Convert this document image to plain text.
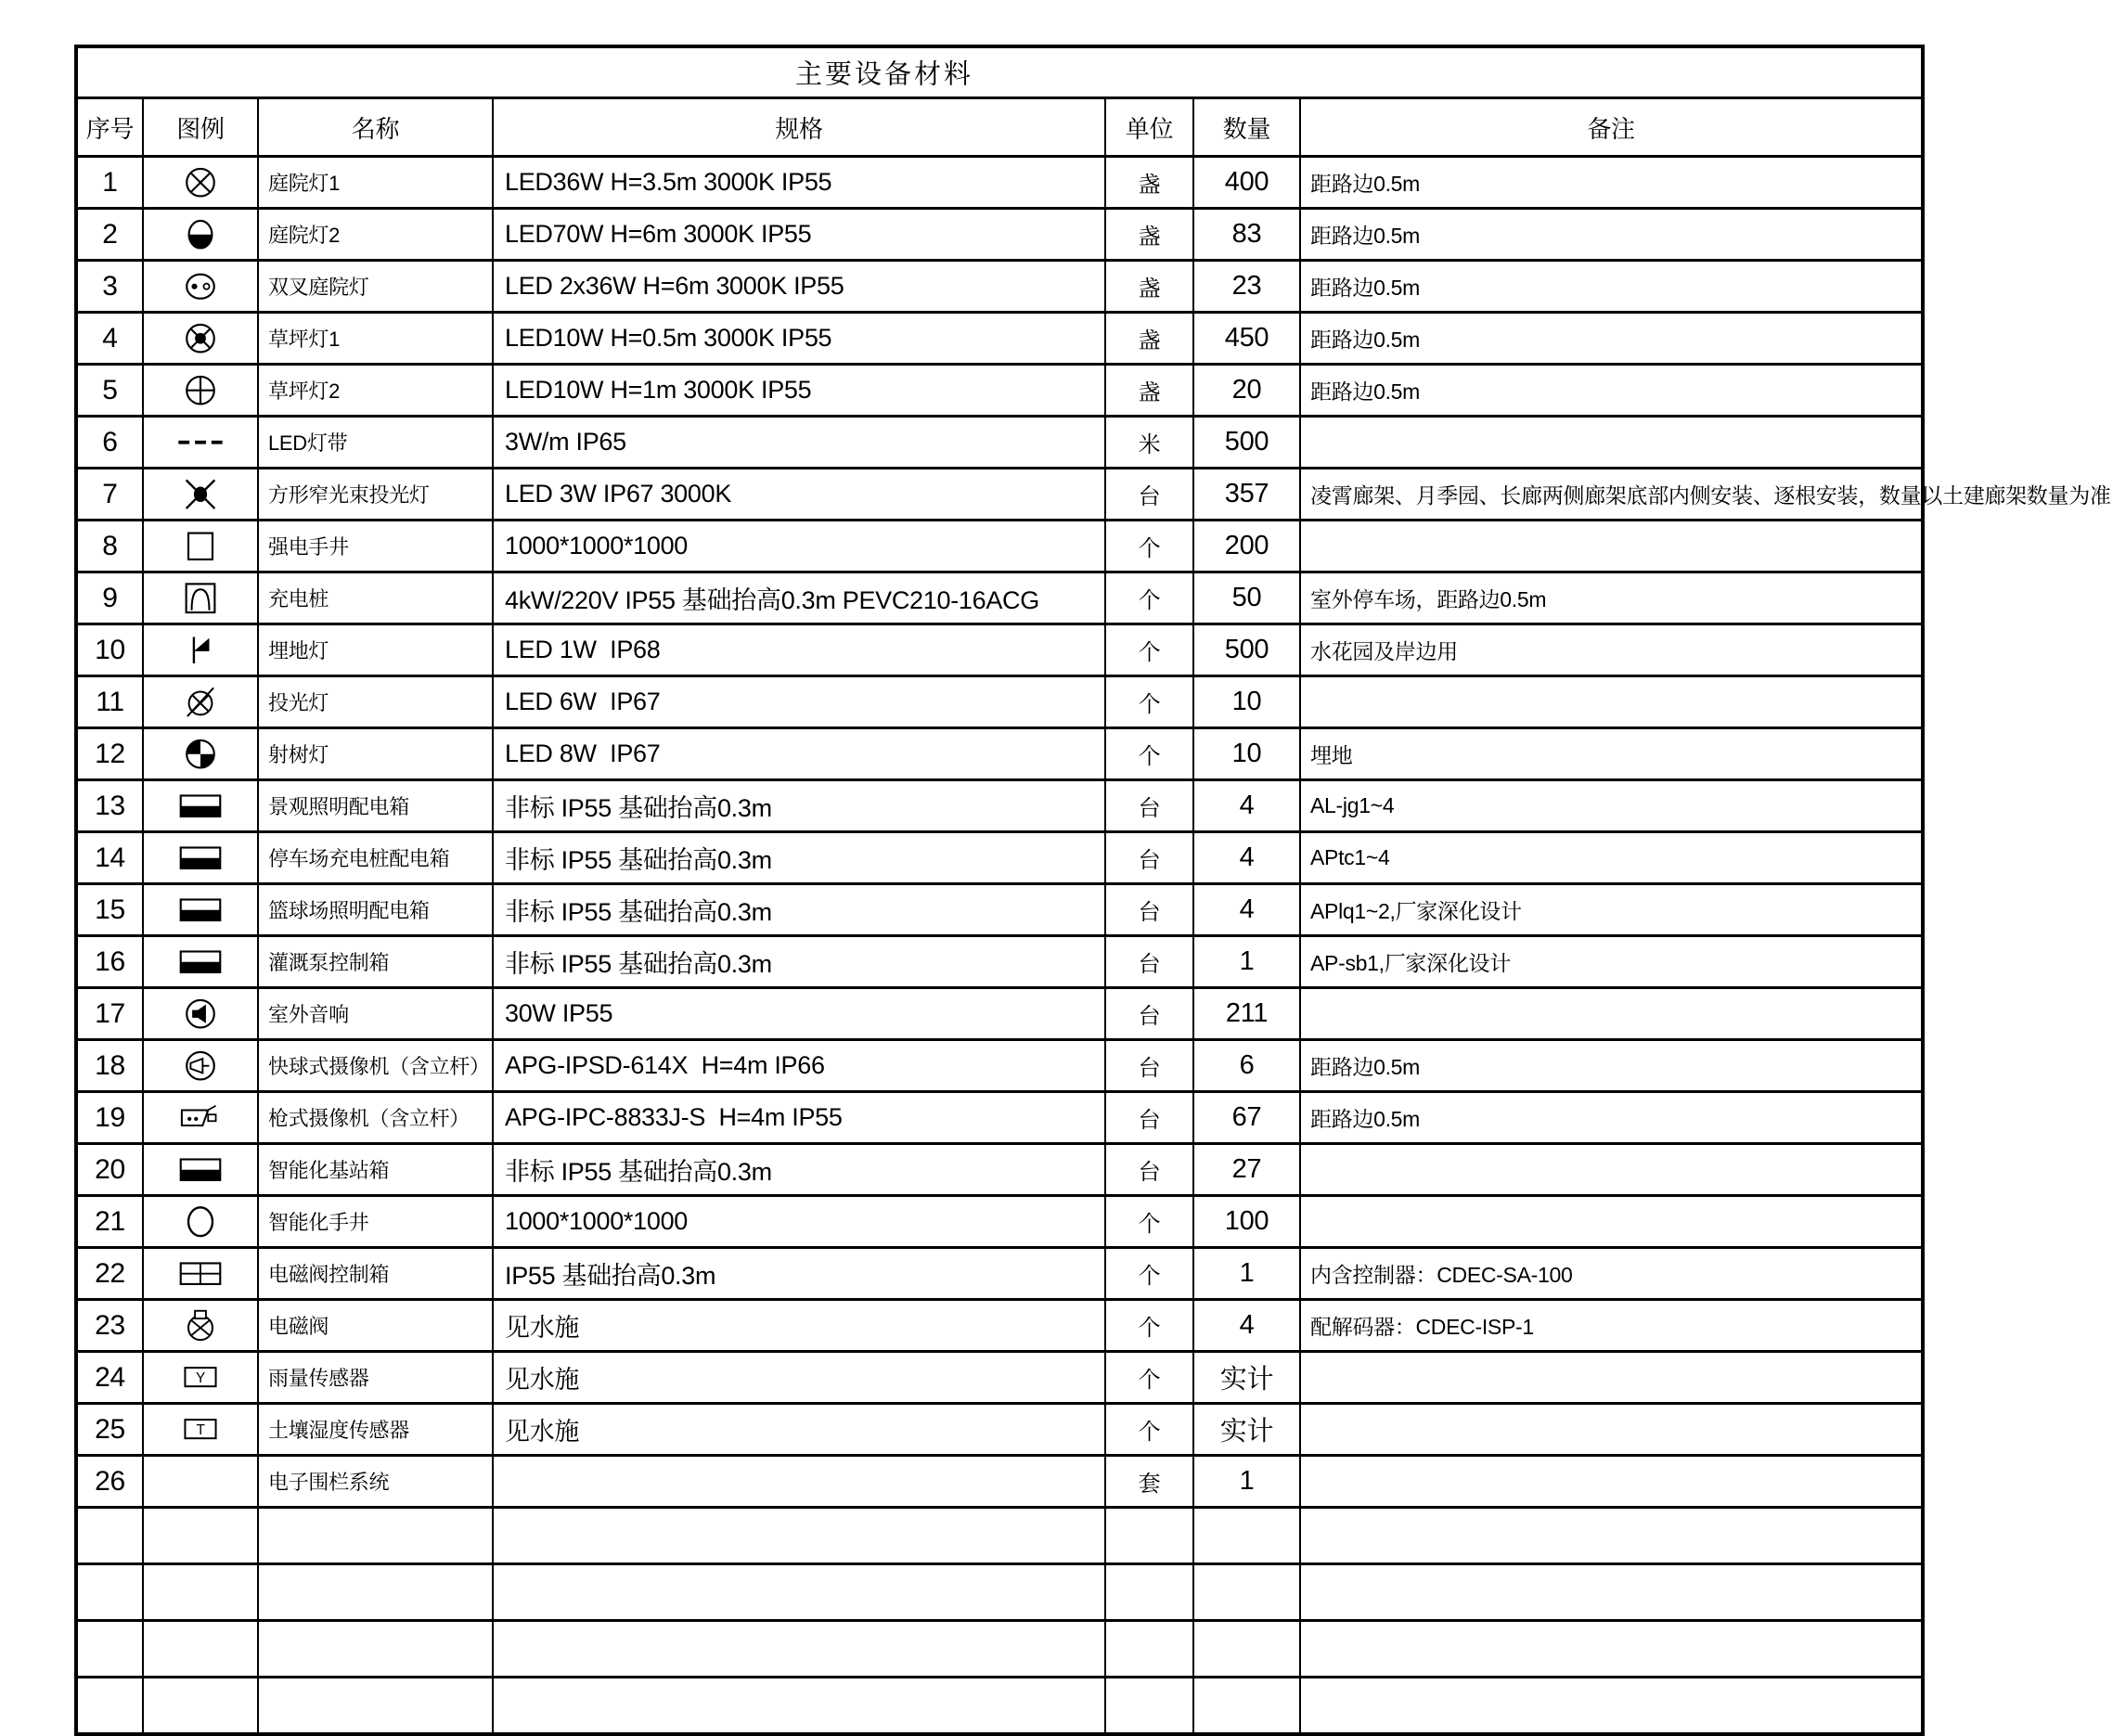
主要设备材料						

序号	图例	名称	规格	单位	数量	备注
1		庭院灯1	LED36W H=3.5m 3000K IP55	盏	400	距路边0.5m
2		庭院灯2	LED70W H=6m 3000K IP55	盏	83	距路边0.5m
3		双叉庭院灯	LED 2x36W H=6m 3000K IP55	盏	23	距路边0.5m
4		草坪灯1	LED10W H=0.5m 3000K IP55	盏	450	距路边0.5m
5		草坪灯2	LED10W H=1m 3000K IP55	盏	20	距路边0.5m
6		LED灯带	3W/m IP65	米	500	
7		方形窄光束投光灯	LED 3W IP67 3000K	台	357	凌霄廊架、月季园、长廊两侧廊架底部内侧安装、逐根安装，数量以土建廊架数量为准
8		强电手井	1000*1000*1000	个	200	
9		充电桩	4kW/220V IP55 基础抬高0.3m PEVC210-16ACG	个	50	室外停车场，距路边0.5m
10		埋地灯	LED 1W  IP68	个	500	水花园及岸边用
11		投光灯	LED 6W  IP67	个	10	
12		射树灯	LED 8W  IP67	个	10	埋地
13		景观照明配电箱	非标 IP55 基础抬高0.3m	台	4	AL-jg1~4
14		停车场充电桩配电箱	非标 IP55 基础抬高0.3m	台	4	APtc1~4
15		篮球场照明配电箱	非标 IP55 基础抬高0.3m	台	4	APlq1~2,厂家深化设计
16		灌溉泵控制箱	非标 IP55 基础抬高0.3m	台	1	AP-sb1,厂家深化设计
17		室外音响	30W IP55	台	211	
18		快球式摄像机（含立杆）	APG-IPSD-614X  H=4m IP66	台	6	距路边0.5m
19		枪式摄像机（含立杆）	APG-IPC-8833J-S  H=4m IP55	台	67	距路边0.5m
20		智能化基站箱	非标 IP55 基础抬高0.3m	台	27	
21		智能化手井	1000*1000*1000	个	100	
22		电磁阀控制箱	IP55 基础抬高0.3m	个	1	内含控制器：CDEC-SA-100
23		电磁阀	见水施	个	4	配解码器：CDEC-ISP-1
24	Y	雨量传感器	见水施	个	实计	
25	T	土壤湿度传感器	见水施	个	实计	
26		电子围栏系统		套	1	
